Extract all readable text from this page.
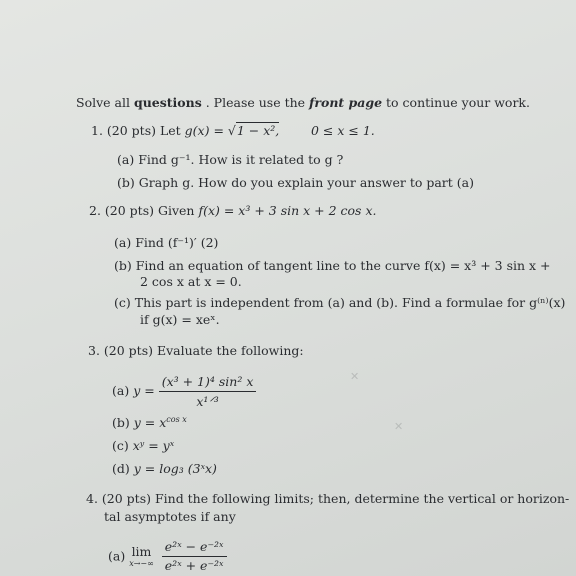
Solve all questions . Please use the front page to continue your work.
1. (20 pts) Let g(x) = √1 − x²,	0 ≤ x ≤ 1.
(a) Find g⁻¹. How is it related to g ?
(b) Graph g. How do you explain your answer to part (a)
2. (20 pts) Given f(x) = x³ + 3 sin x + 2 cos x.
(a) Find (f⁻¹)′ (2)
(b) Find an equation of tangent line to the curve f(x) = x³ + 3 sin x +
2 cos x at x = 0.
(c) This part is independent from (a) and (b). Find a formulae for g⁽ⁿ⁾(x)
if g(x) = xeˣ.
3. (20 pts) Evaluate the following:
(a) $y = \frac{\text{(x³ + 1)⁴ sin² x}}{\text{x¹ᐟ³}}$
(b) $y = x^{cos x}$
(c) xʸ = yˣ
(d) y = log₃ (3ˣx)
4. (20 pts) Find the following limits; then, determine the vertical or horizon-
tal asymptotes if any
(a) lim
x→−∞
$\frac{\text{e²ˣ − e⁻²ˣ}}{\text{e²ˣ + e⁻²ˣ}}$
✕
✕
